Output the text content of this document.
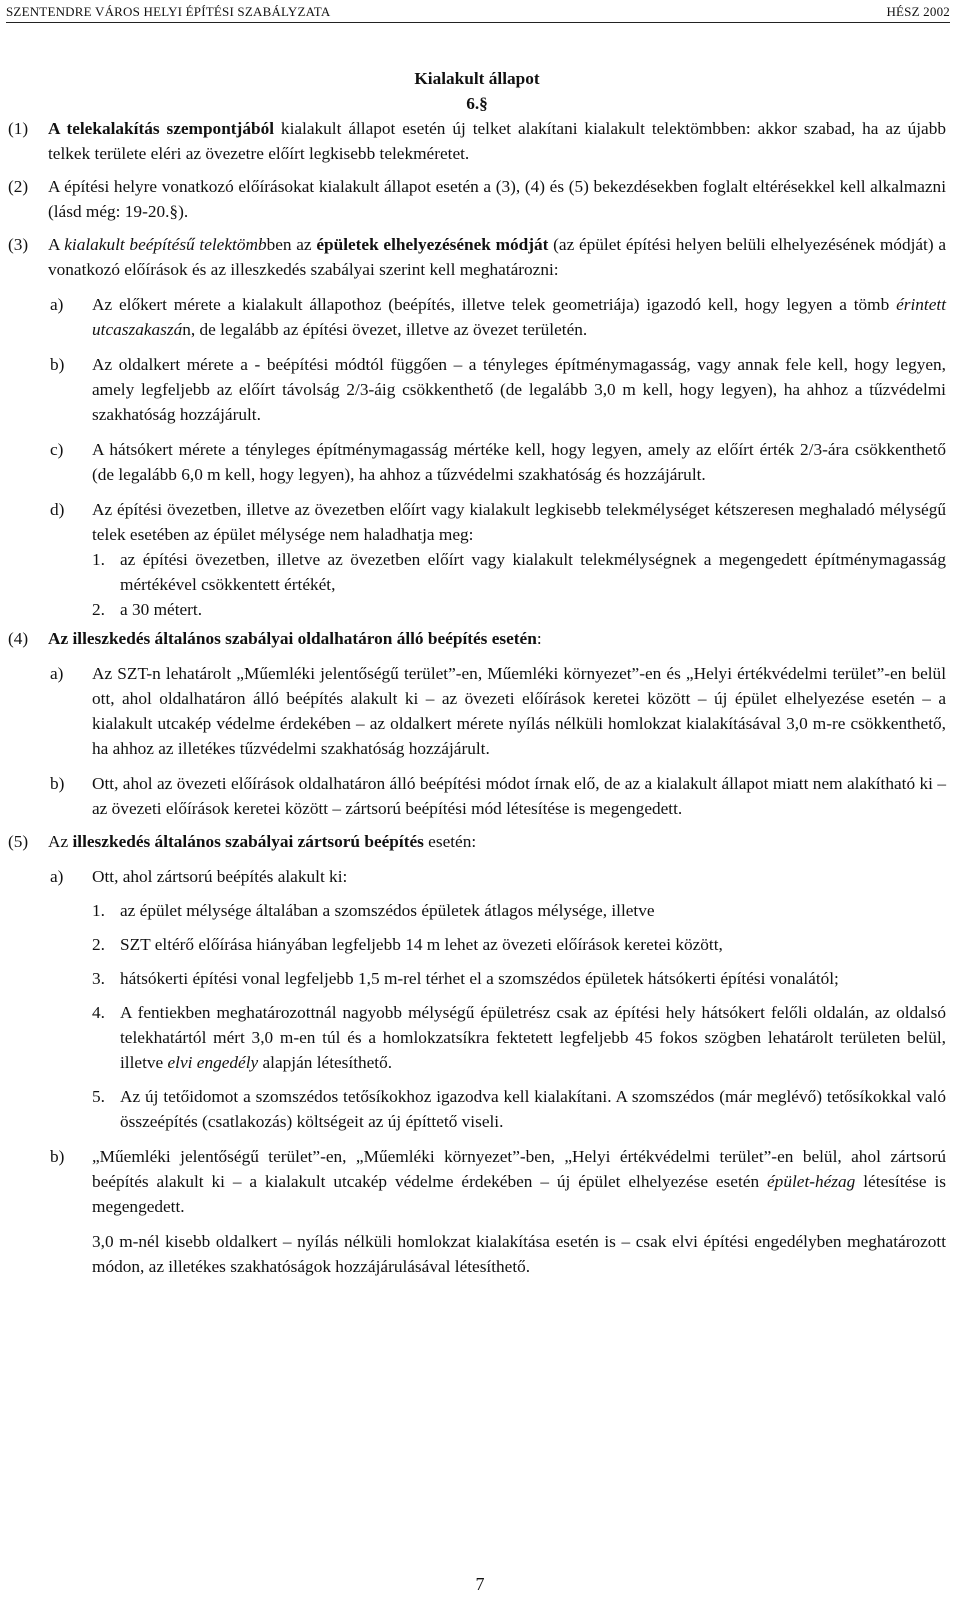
SZENTENDRE VÁROS HELYI ÉPÍTÉSI SZABÁLYZATA	HÉSZ 2002
Kialakult állapot
6.§
(1) A telekalakítás szempontjából kialakult állapot esetén új telket alakítani kialakult telektömbben: akkor szabad, ha az újabb telkek területe eléri az övezetre előírt legkisebb telekméretet.
(2) A építési helyre vonatkozó előírásokat kialakult állapot esetén a (3), (4) és (5) bekezdésekben foglalt eltérésekkel kell alkalmazni (lásd még: 19-20.§).
(3) A kialakult beépítésű telektömbben az épületek elhelyezésének módját (az épület építési helyen belüli elhelyezésének módját) a vonatkozó előírások és az illeszkedés szabályai szerint kell meghatározni:
a) Az előkert mérete a kialakult állapothoz (beépítés, illetve telek geometriája) igazodó kell, hogy legyen a tömb érintett utcaszakaszán, de legalább az építési övezet, illetve az övezet területén.
b) Az oldalkert mérete a - beépítési módtól függően – a tényleges építménymagasság, vagy annak fele kell, hogy legyen, amely legfeljebb az előírt távolság 2/3-áig csökkenthető (de legalább 3,0 m kell, hogy legyen), ha ahhoz a tűzvédelmi szakhatóság hozzájárult.
c) A hátsókert mérete a tényleges építménymagasság mértéke kell, hogy legyen, amely az előírt érték 2/3-ára csökkenthető (de legalább 6,0 m kell, hogy legyen), ha ahhoz a tűzvédelmi szakhatóság és hozzájárult.
d) Az építési övezetben, illetve az övezetben előírt vagy kialakult legkisebb telekmélységet kétszeresen meghaladó mélységű telek esetében az épület mélysége nem haladhatja meg:
1. az építési övezetben, illetve az övezetben előírt vagy kialakult telekmélységnek a megengedett építménymagasság mértékével csökkentett értékét,
2. a 30 métert.
(4) Az illeszkedés általános szabályai oldalhatáron álló beépítés esetén:
a) Az SZT-n lehatárolt „Műemléki jelentőségű terület”-en, Műemléki környezet”-en és „Helyi értékvédelmi terület”-en belül ott, ahol oldalhatáron álló beépítés alakult ki – az övezeti előírások keretei között – új épület elhelyezése esetén – a kialakult utcakép védelme érdekében – az oldalkert mérete nyílás nélküli homlokzat kialakításával 3,0 m-re csökkenthető, ha ahhoz az illetékes tűzvédelmi szakhatóság hozzájárult.
b) Ott, ahol az övezeti előírások oldalhatáron álló beépítési módot írnak elő, de az a kialakult állapot miatt nem alakítható ki – az övezeti előírások keretei között – zártsorú beépítési mód létesítése is megengedett.
(5) Az illeszkedés általános szabályai zártsorú beépítés esetén:
a) Ott, ahol zártsorú beépítés alakult ki:
1. az épület mélysége általában a szomszédos épületek átlagos mélysége, illetve
2. SZT eltérő előírása hiányában legfeljebb 14 m lehet az övezeti előírások keretei között,
3. hátsókerti építési vonal legfeljebb 1,5 m-rel térhet el a szomszédos épületek hátsókerti építési vonalától;
4. A fentiekben meghatározottnál nagyobb mélységű épületrész csak az építési hely hátsókert felőli oldalán, az oldalsó telekhatártól mért 3,0 m-en túl és a homlokzatsíkra fektetett legfeljebb 45 fokos szögben lehatárolt területen belül, illetve elvi engedély alapján létesíthető.
5. Az új tetőidomot a szomszédos tetősíkokhoz igazodva kell kialakítani. A szomszédos (már meglévő) tetősíkokkal való összeépítés (csatlakozás) költségeit az új építtető viseli.
b) „Műemléki jelentőségű terület”-en, „Műemléki környezet”-ben, „Helyi értékvédelmi terület”-en belül, ahol zártsorú beépítés alakult ki – a kialakult utcakép védelme érdekében – új épület elhelyezése esetén épület-hézag létesítése is megengedett.
3,0 m-nél kisebb oldalkert – nyílás nélküli homlokzat kialakítása esetén is – csak elvi építési engedélyben meghatározott módon, az illetékes szakhatóságok hozzájárulásával létesíthető.
7
